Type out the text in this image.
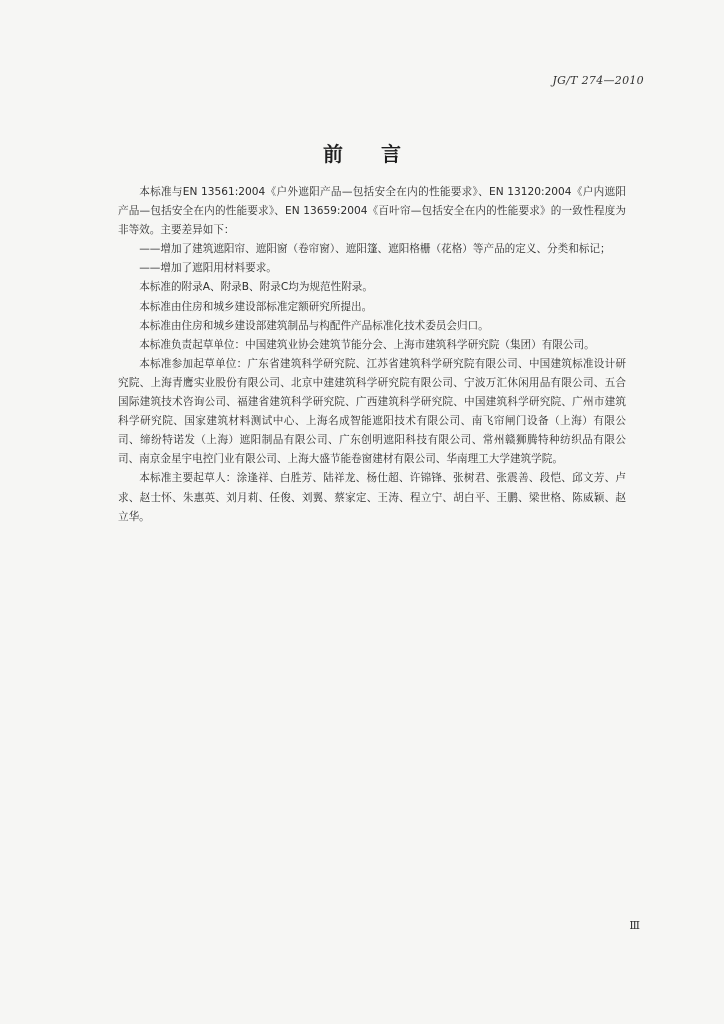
JG/T 274—2010
前言

本标准与EN 13561:2004《户外遮阳产品—包括安全在内的性能要求》、EN 13120:2004《户内遮阳产品—包括安全在内的性能要求》、EN 13659:2004《百叶帘—包括安全在内的性能要求》的一致性程度为非等效。主要差异如下：

——增加了建筑遮阳帘、遮阳窗（卷帘窗）、遮阳篷、遮阳格栅（花格）等产品的定义、分类和标记；

——增加了遮阳用材料要求。

本标准的附录A、附录B、附录C均为规范性附录。

本标准由住房和城乡建设部标准定额研究所提出。

本标准由住房和城乡建设部建筑制品与构配件产品标准化技术委员会归口。

本标准负责起草单位：中国建筑业协会建筑节能分会、上海市建筑科学研究院（集团）有限公司。

本标准参加起草单位：广东省建筑科学研究院、江苏省建筑科学研究院有限公司、中国建筑标准设计研究院、上海青鹰实业股份有限公司、北京中建建筑科学研究院有限公司、宁波万汇休闲用品有限公司、五合国际建筑技术咨询公司、福建省建筑科学研究院、广西建筑科学研究院、中国建筑科学研究院、广州市建筑科学研究院、国家建筑材料测试中心、上海名成智能遮阳技术有限公司、南飞帘闸门设备（上海）有限公司、缔纷特诺发（上海）遮阳制品有限公司、广东创明遮阳科技有限公司、常州赣狮腾特种纺织品有限公司、南京金星宇电控门业有限公司、上海大盛节能卷窗建材有限公司、华南理工大学建筑学院。

本标准主要起草人：涂逢祥、白胜芳、陆祥龙、杨仕超、许锦锋、张树君、张震善、段恺、邱文芳、卢求、赵士怀、朱惠英、刘月莉、任俊、刘翼、蔡家定、王涛、程立宁、胡白平、王鹏、梁世格、陈威颖、赵立华。

Ⅲ
